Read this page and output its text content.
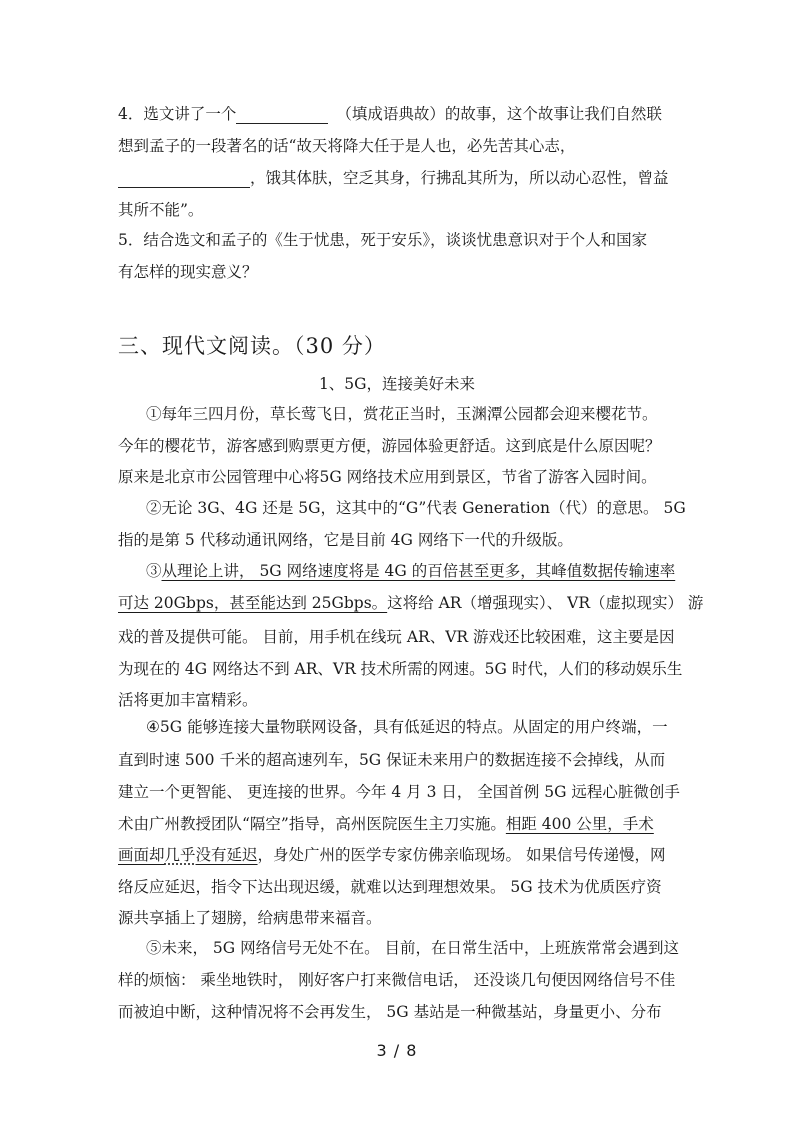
4．选文讲了一个	（填成语典故）的故事，这个故事让我们自然联
想到孟子的一段著名的话“故天将降大任于是人也，必先苦其心志，
，饿其体肤，空乏其身，行拂乱其所为，所以动心忍性，曾益
其所不能”。
5．结合选文和孟子的《生于忧患，死于安乐》，谈谈忧患意识对于个人和国家
有怎样的现实意义？
三、现代文阅读。（30 分）
1、5G，连接美好未来
①每年三四月份，草长莺飞日，赏花正当时，玉渊潭公园都会迎来樱花节。
今年的樱花节，游客感到购票更方便，游园体验更舒适。这到底是什么原因呢？
原来是北京市公园管理中心将5G 网络技术应用到景区，节省了游客入园时间。
②无论 3G、4G 还是 5G，这其中的“G”代表 Generation（代）的意思。 5G
指的是第 5 代移动通讯网络，它是目前 4G 网络下一代的升级版。
③从理论上讲， 5G 网络速度将是 4G 的百倍甚至更多，其峰值数据传输速率
可达 20Gbps，甚至能达到 25Gbps。这将给 AR（增强现实）、 VR（虚拟现实） 游
戏的普及提供可能。 目前，用手机在线玩 AR、VR 游戏还比较困难，这主要是因
为现在的 4G 网络达不到 AR、VR 技术所需的网速。5G 时代，人们的移动娱乐生
活将更加丰富精彩。
④5G 能够连接大量物联网设备，具有低延迟的特点。从固定的用户终端，一
直到时速 500 千米的超高速列车，5G 保证未来用户的数据连接不会掉线，从而
建立一个更智能、 更连接的世界。今年 4 月 3 日， 全国首例 5G 远程心脏微创手
术由广州教授团队“隔空”指导，高州医院医生主刀实施。相距 400 公里，手术
画面却几乎没有延迟，身处广州的医学专家仿佛亲临现场。 如果信号传递慢，网
络反应延迟，指令下达出现迟缓，就难以达到理想效果。 5G 技术为优质医疗资
源共享插上了翅膀，给病患带来福音。
⑤未来， 5G 网络信号无处不在。 目前，在日常生活中，上班族常常会遇到这
样的烦恼： 乘坐地铁时， 刚好客户打来微信电话， 还没谈几句便因网络信号不佳
而被迫中断，这种情况将不会再发生， 5G 基站是一种微基站，身量更小、分布
3 / 8
